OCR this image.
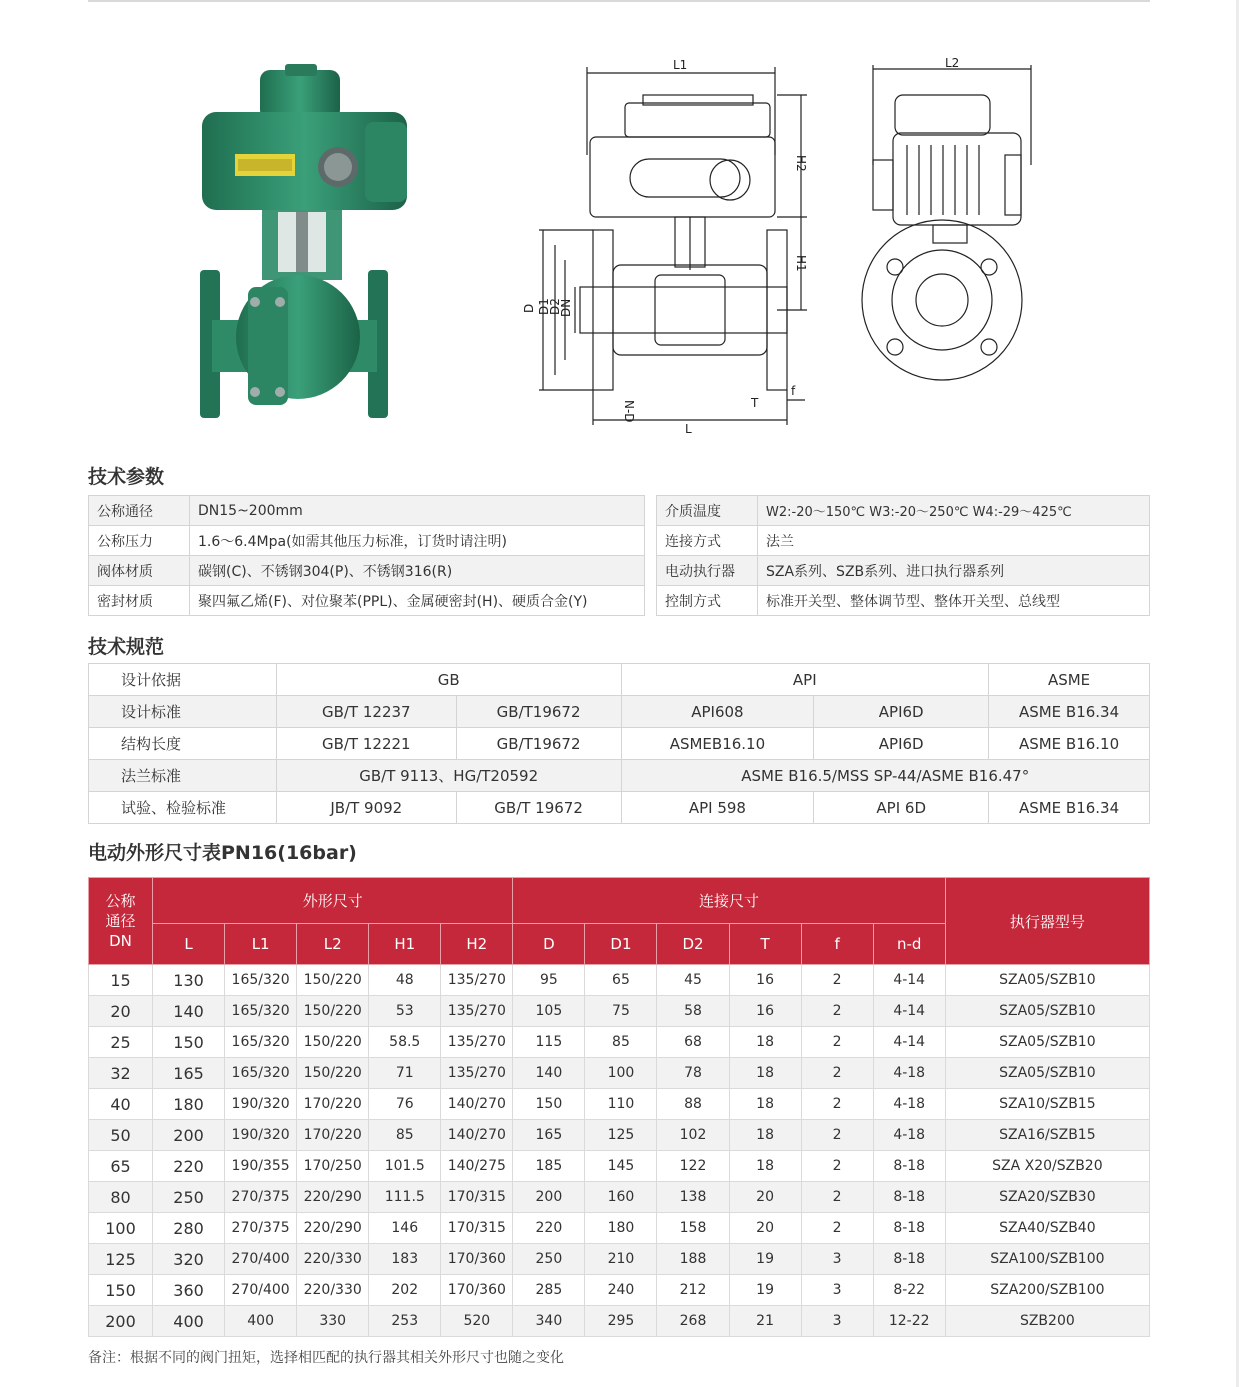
L1
H2
H1
D D1
D2
DN
N-D	T
f
L
L2
技术参数
公称通径	DN15~200mm
公称压力	1.6～6.4Mpa(如需其他压力标准，订货时请注明)
阀体材质	碳钢(C)、不锈钢304(P)、不锈钢316(R)
密封材质	聚四氟乙烯(F)、对位聚苯(PPL)、金属硬密封(H)、硬质合金(Y)
介质温度	W2:-20～150℃ W3:-20～250℃ W4:-29～425℃
连接方式	法兰
电动执行器	SZA系列、SZB系列、进口执行器系列
控制方式	标准开关型、整体调节型、整体开关型、总线型
技术规范
设计依据	GB		API		ASME
设计标准	GB/T 12237	GB/T19672	API608	API6D	ASME B16.34
结构长度	GB/T 12221	GB/T19672	ASMEB16.10	API6D	ASME B16.10
法兰标准	GB/T 9113、HG/T20592		ASME B16.5/MSS SP-44/ASME B16.47°		
试验、检验标准	JB/T 9092	GB/T 19672	API 598	API 6D	ASME B16.34
电动外形尺寸表PN16(16bar)
公称
通径
DN	外形尺寸					连接尺寸						执行器型号
	L	L1	L2	H1	H2	D	D1	D2	T	f	n-d	
15	130	165/320	150/220	48	135/270	95	65	45	16	2	4-14	SZA05/SZB10
20	140	165/320	150/220	53	135/270	105	75	58	16	2	4-14	SZA05/SZB10
25	150	165/320	150/220	58.5	135/270	115	85	68	18	2	4-14	SZA05/SZB10
32	165	165/320	150/220	71	135/270	140	100	78	18	2	4-18	SZA05/SZB10
40	180	190/320	170/220	76	140/270	150	110	88	18	2	4-18	SZA10/SZB15
50	200	190/320	170/220	85	140/270	165	125	102	18	2	4-18	SZA16/SZB15
65	220	190/355	170/250	101.5	140/275	185	145	122	18	2	8-18	SZA X20/SZB20
80	250	270/375	220/290	111.5	170/315	200	160	138	20	2	8-18	SZA20/SZB30
100	280	270/375	220/290	146	170/315	220	180	158	20	2	8-18	SZA40/SZB40
125	320	270/400	220/330	183	170/360	250	210	188	19	3	8-18	SZA100/SZB100
150	360	270/400	220/330	202	170/360	285	240	212	19	3	8-22	SZA200/SZB100
200	400	400	330	253	520	340	295	268	21	3	12-22	SZB200
备注：根据不同的阀门扭矩，选择相匹配的执行器其相关外形尺寸也随之变化
